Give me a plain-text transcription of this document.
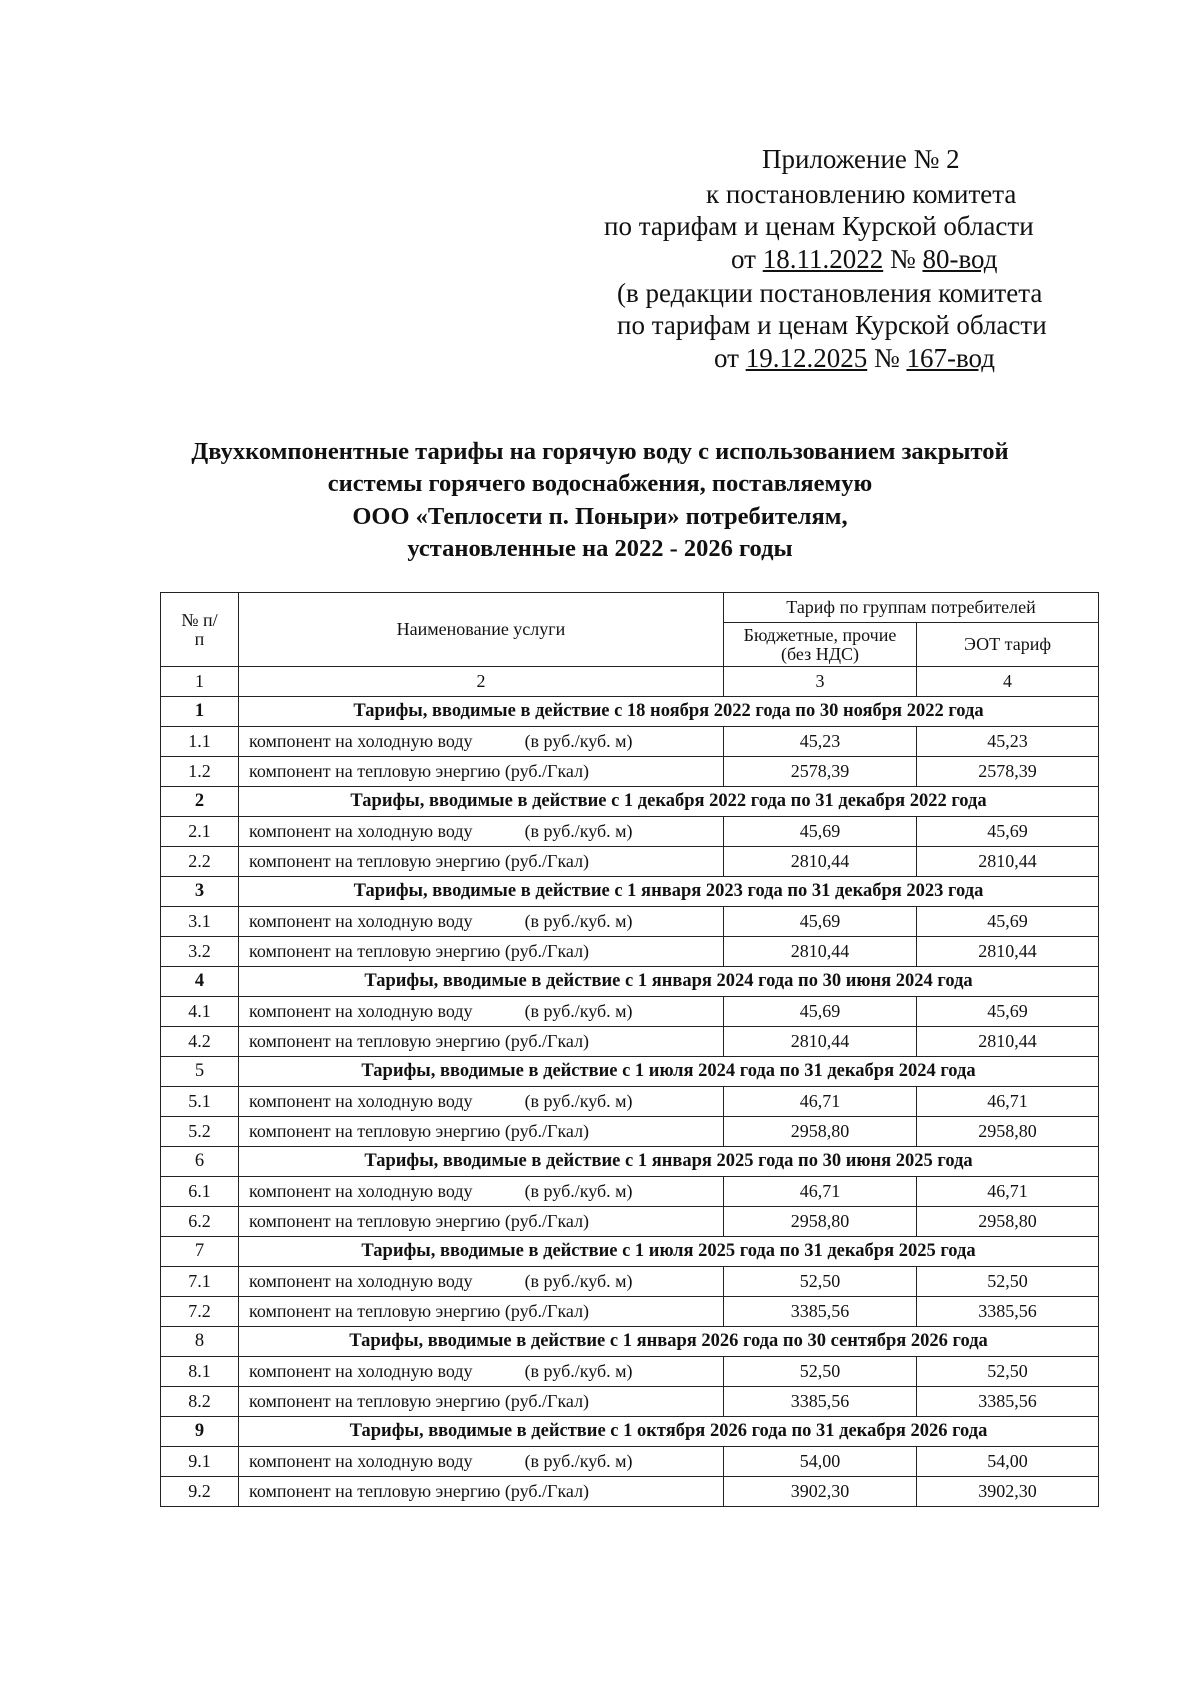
Приложение № 2
к постановлению комитета
по тарифам и ценам Курской области
от 18.11.2022 № 80-вод
(в редакции постановления комитета
по тарифам и ценам Курской области
от 19.12.2025 № 167-вод
Двухкомпонентные тарифы на горячую воду с использованием закрытой
системы горячего водоснабжения, поставляемую
ООО «Теплосети п. Поныри» потребителям,
установленные на 2022 - 2026 годы
№ п/п	Наименование услуги	Тариф по группам потребителей	
		Бюджетные, прочие (без НДС)	ЭОТ тариф
1	2	3	4
1	Тарифы, вводимые в действие с 18 ноября 2022 года по 30 ноября 2022 года		
1.1	компонент на холодную воду (в руб./куб. м)	45,23	45,23
1.2	компонент на тепловую энергию (руб./Гкал)	2578,39	2578,39
2	Тарифы, вводимые в действие с 1 декабря 2022 года по 31 декабря 2022 года		
2.1	компонент на холодную воду (в руб./куб. м)	45,69	45,69
2.2	компонент на тепловую энергию (руб./Гкал)	2810,44	2810,44
3	Тарифы, вводимые в действие с 1 января 2023 года по 31 декабря 2023 года		
3.1	компонент на холодную воду (в руб./куб. м)	45,69	45,69
3.2	компонент на тепловую энергию (руб./Гкал)	2810,44	2810,44
4	Тарифы, вводимые в действие с 1 января 2024 года по 30 июня 2024 года		
4.1	компонент на холодную воду (в руб./куб. м)	45,69	45,69
4.2	компонент на тепловую энергию (руб./Гкал)	2810,44	2810,44
5	Тарифы, вводимые в действие с 1 июля 2024 года по 31 декабря 2024 года		
5.1	компонент на холодную воду (в руб./куб. м)	46,71	46,71
5.2	компонент на тепловую энергию (руб./Гкал)	2958,80	2958,80
6	Тарифы, вводимые в действие с 1 января 2025 года по 30 июня 2025 года		
6.1	компонент на холодную воду (в руб./куб. м)	46,71	46,71
6.2	компонент на тепловую энергию (руб./Гкал)	2958,80	2958,80
7	Тарифы, вводимые в действие с 1 июля 2025 года по 31 декабря 2025 года		
7.1	компонент на холодную воду (в руб./куб. м)	52,50	52,50
7.2	компонент на тепловую энергию (руб./Гкал)	3385,56	3385,56
8	Тарифы, вводимые в действие с 1 января 2026 года по 30 сентября 2026 года		
8.1	компонент на холодную воду (в руб./куб. м)	52,50	52,50
8.2	компонент на тепловую энергию (руб./Гкал)	3385,56	3385,56
9	Тарифы, вводимые в действие с 1 октября 2026 года по 31 декабря 2026 года		
9.1	компонент на холодную воду (в руб./куб. м)	54,00	54,00
9.2	компонент на тепловую энергию (руб./Гкал)	3902,30	3902,30
